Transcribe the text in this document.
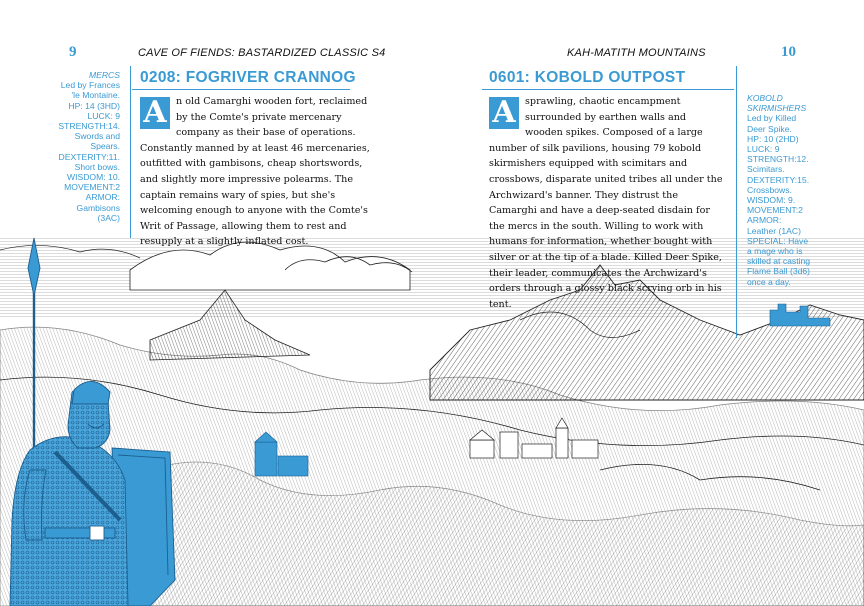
9	CAVE OF FIENDS: BASTARDIZED CLASSIC S4	KAH-MATITH MOUNTAINS	10
MERCS
Led by Frances
'le Montaine.
HP: 14 (3HD)
LUCK: 9
STRENGTH:14.
Swords and
Spears.
DEXTERITY:11.
Short bows.
WISDOM: 10.
MOVEMENT:2
ARMOR:
Gambisons
(3AC)
0208: FOGRIVER CRANNOG
A n old Camarghi wooden fort, reclaimed by the Comte's private mercenary company as their base of operations. Constantly manned by at least 46 mercenaries, outfitted with gambisons, cheap shortswords, and slightly more impressive polearms. The captain remains wary of spies, but she's welcoming enough to anyone with the Comte's Writ of Passage, allowing them to rest and resupply at a slightly inflated cost.
0601: KOBOLD OUTPOST
A sprawling, chaotic encampment surrounded by earthen walls and wooden spikes. Composed of a large number of silk pavilions, housing 79 kobold skirmishers equipped with scimitars and crossbows, disparate united tribes all under the Archwizard's banner. They distrust the Camarghi and have a deep-seated disdain for the mercs in the south. Willing to work with humans for information, whether bought with silver or at the tip of a blade. Killed Deer Spike, their leader, communicates the Archwizard's orders through a glossy black scrying orb in his tent.
KOBOLD
SKIRMISHERS
Led by Killed
Deer Spike.
HP: 10 (2HD)
LUCK: 9
STRENGTH:12.
Scimitars.
DEXTERITY:15.
Crossbows.
WISDOM: 9.
MOVEMENT:2
ARMOR:
Leather (1AC)
SPECIAL: Have
a mage who is
skilled at casting
Flame Ball (3d6)
once a day.
